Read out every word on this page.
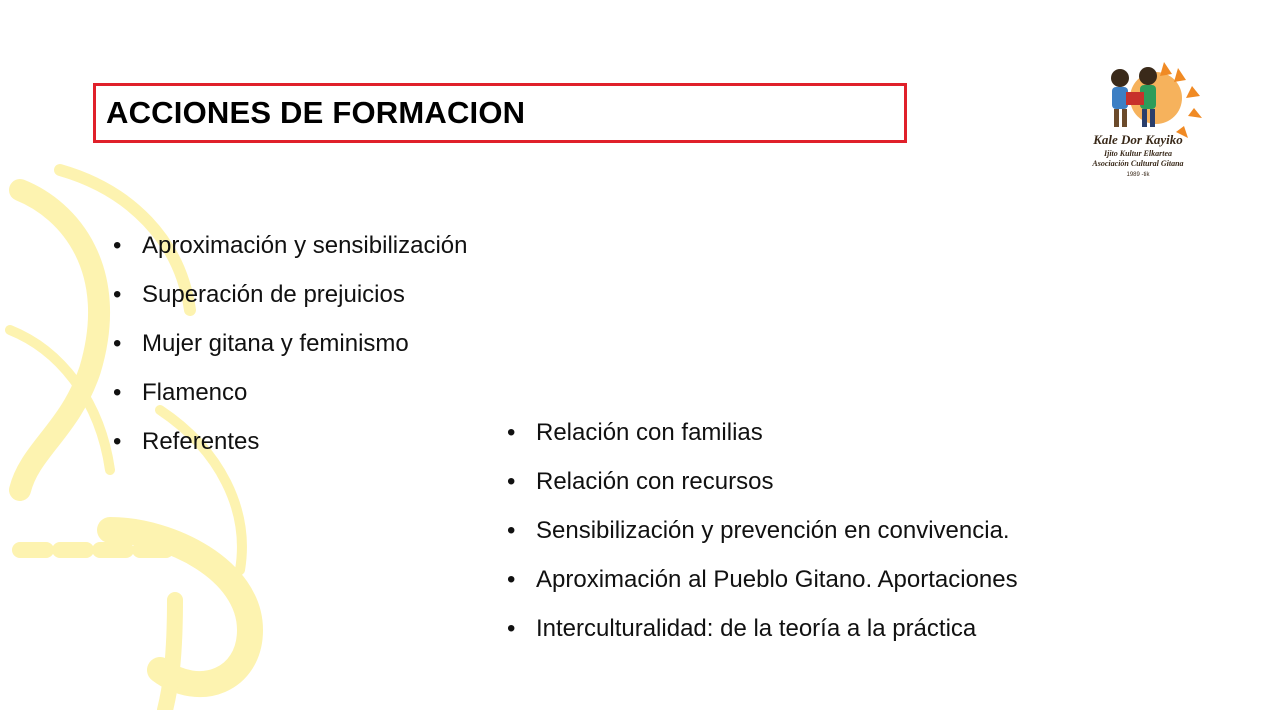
ACCIONES DE FORMACION
Kale Dor Kayiko
Ijito Kultur Elkartea
Asociación Cultural Gitana
1989 -tik
• Aproximación y sensibilización
• Superación de prejuicios
• Mujer gitana y feminismo
• Flamenco
• Referentes
•	Relación con familias
• Relación con recursos
• Sensibilización y prevención en convivencia.
• Aproximación al Pueblo Gitano. Aportaciones
• Interculturalidad: de la teoría a la práctica
